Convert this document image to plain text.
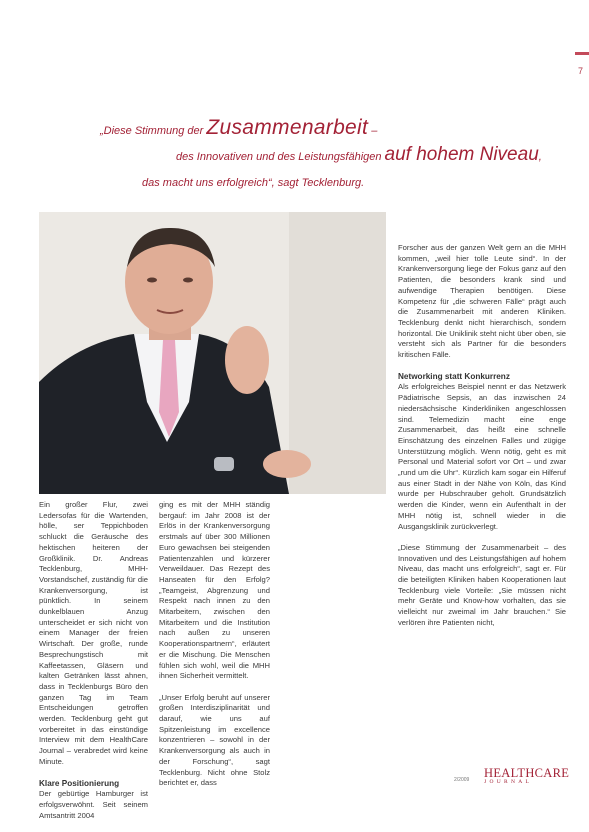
7
„Diese Stimmung der Zusammenarbeit –
des Innovativen und des Leistungsfähigen auf hohem Niveau,
das macht uns erfolgreich“, sagt Tecklenburg.

Ein großer Flur, zwei Ledersofas für die Wartenden, hölle, ser Teppichboden schluckt die Geräusche des hektischen heiteren der Großklinik. Dr. Andreas Tecklenburg, MHH-Vorstandschef, zuständig für die Krankenversorgung, ist pünktlich. In seinem dunkelblauen Anzug unterscheidet er sich nicht von einem Manager der freien Wirtschaft. Der große, runde Besprechungstisch mit Kaffeetassen, Gläsern und kalten Getränken lässt ahnen, dass in Tecklenburgs Büro den ganzen Tag im Team Entscheidungen getroffen werden. Tecklenburg geht gut vorbereitet in das einstündige Interview mit dem HealthCare Journal – verabredet wird keine Minute.

Klare Positionierung

Der gebürtige Hamburger ist erfolgsverwöhnt. Seit seinem Amtsantritt 2004

ging es mit der MHH ständig bergauf: im Jahr 2008 ist der Erlös in der Krankenversorgung erstmals auf über 300 Millionen Euro gewachsen bei steigenden Patientenzahlen und kürzerer Verweildauer. Das Rezept des Hanseaten für den Erfolg? „Teamgeist, Abgrenzung und Respekt nach innen zu den Mitarbeitern, zwischen den Mitarbeitern und die Institution nach außen zu unseren Kooperationspartnern“, erläutert er die Mischung. Die Menschen fühlen sich wohl, weil die MHH ihnen Sicherheit vermittelt.

„Unser Erfolg beruht auf unserer großen Interdisziplinarität und darauf, wie uns auf Spitzenleistung im excellence konzentrieren – sowohl in der Krankenversorgung als auch in der Forschung“, sagt Tecklenburg. Nicht ohne Stolz berichtet er, dass

Forscher aus der ganzen Welt gern an die MHH kommen, „weil hier tolle Leute sind“. In der Krankenversorgung liege der Fokus ganz auf den Patienten, die besonders krank sind und aufwendige Therapien benötigen. Diese Kompetenz für „die schweren Fälle“ prägt auch die Zusammenarbeit mit anderen Kliniken. Tecklenburg denkt nicht hierarchisch, sondern horizontal. Die Uniklinik steht nicht über oben, sie versteht sich als Partner für die besonders kritischen Fälle.

Networking statt Konkurrenz

Als erfolgreiches Beispiel nennt er das Netzwerk Pädiatrische Sepsis, an das inzwischen 24 niedersächsische Kinderkliniken angeschlossen sind. Telemedizin macht eine enge Zusammenarbeit, das heißt eine schnelle Einschätzung des einzelnen Falles und zügige Unterstützung möglich. Wenn nötig, geht es mit Personal und Material sofort vor Ort – und zwar „rund um die Uhr“. Kürzlich kam sogar ein Hilferuf aus einer Stadt in der Nähe von Köln, das Kind wurde per Hubschrauber geholt. Grundsätzlich werden die Kinder, wenn ein Aufenthalt in der MHH nötig ist, schnell wieder in die Ausgangsklinik zurückverlegt.

„Diese Stimmung der Zusammenarbeit – des Innovativen und des Leistungsfähigen auf hohem Niveau, das macht uns erfolgreich“, sagt er. Für die beteiligten Kliniken haben Kooperationen laut Tecklenburg viele Vorteile: „Sie müssen nicht mehr Geräte und Know-how vorhalten, das sie vielleicht nur zweimal im Jahr brauchen.“ Sie verlören ihre Patienten nicht,

2/2009 HEALTHCARE
JOURNAL
